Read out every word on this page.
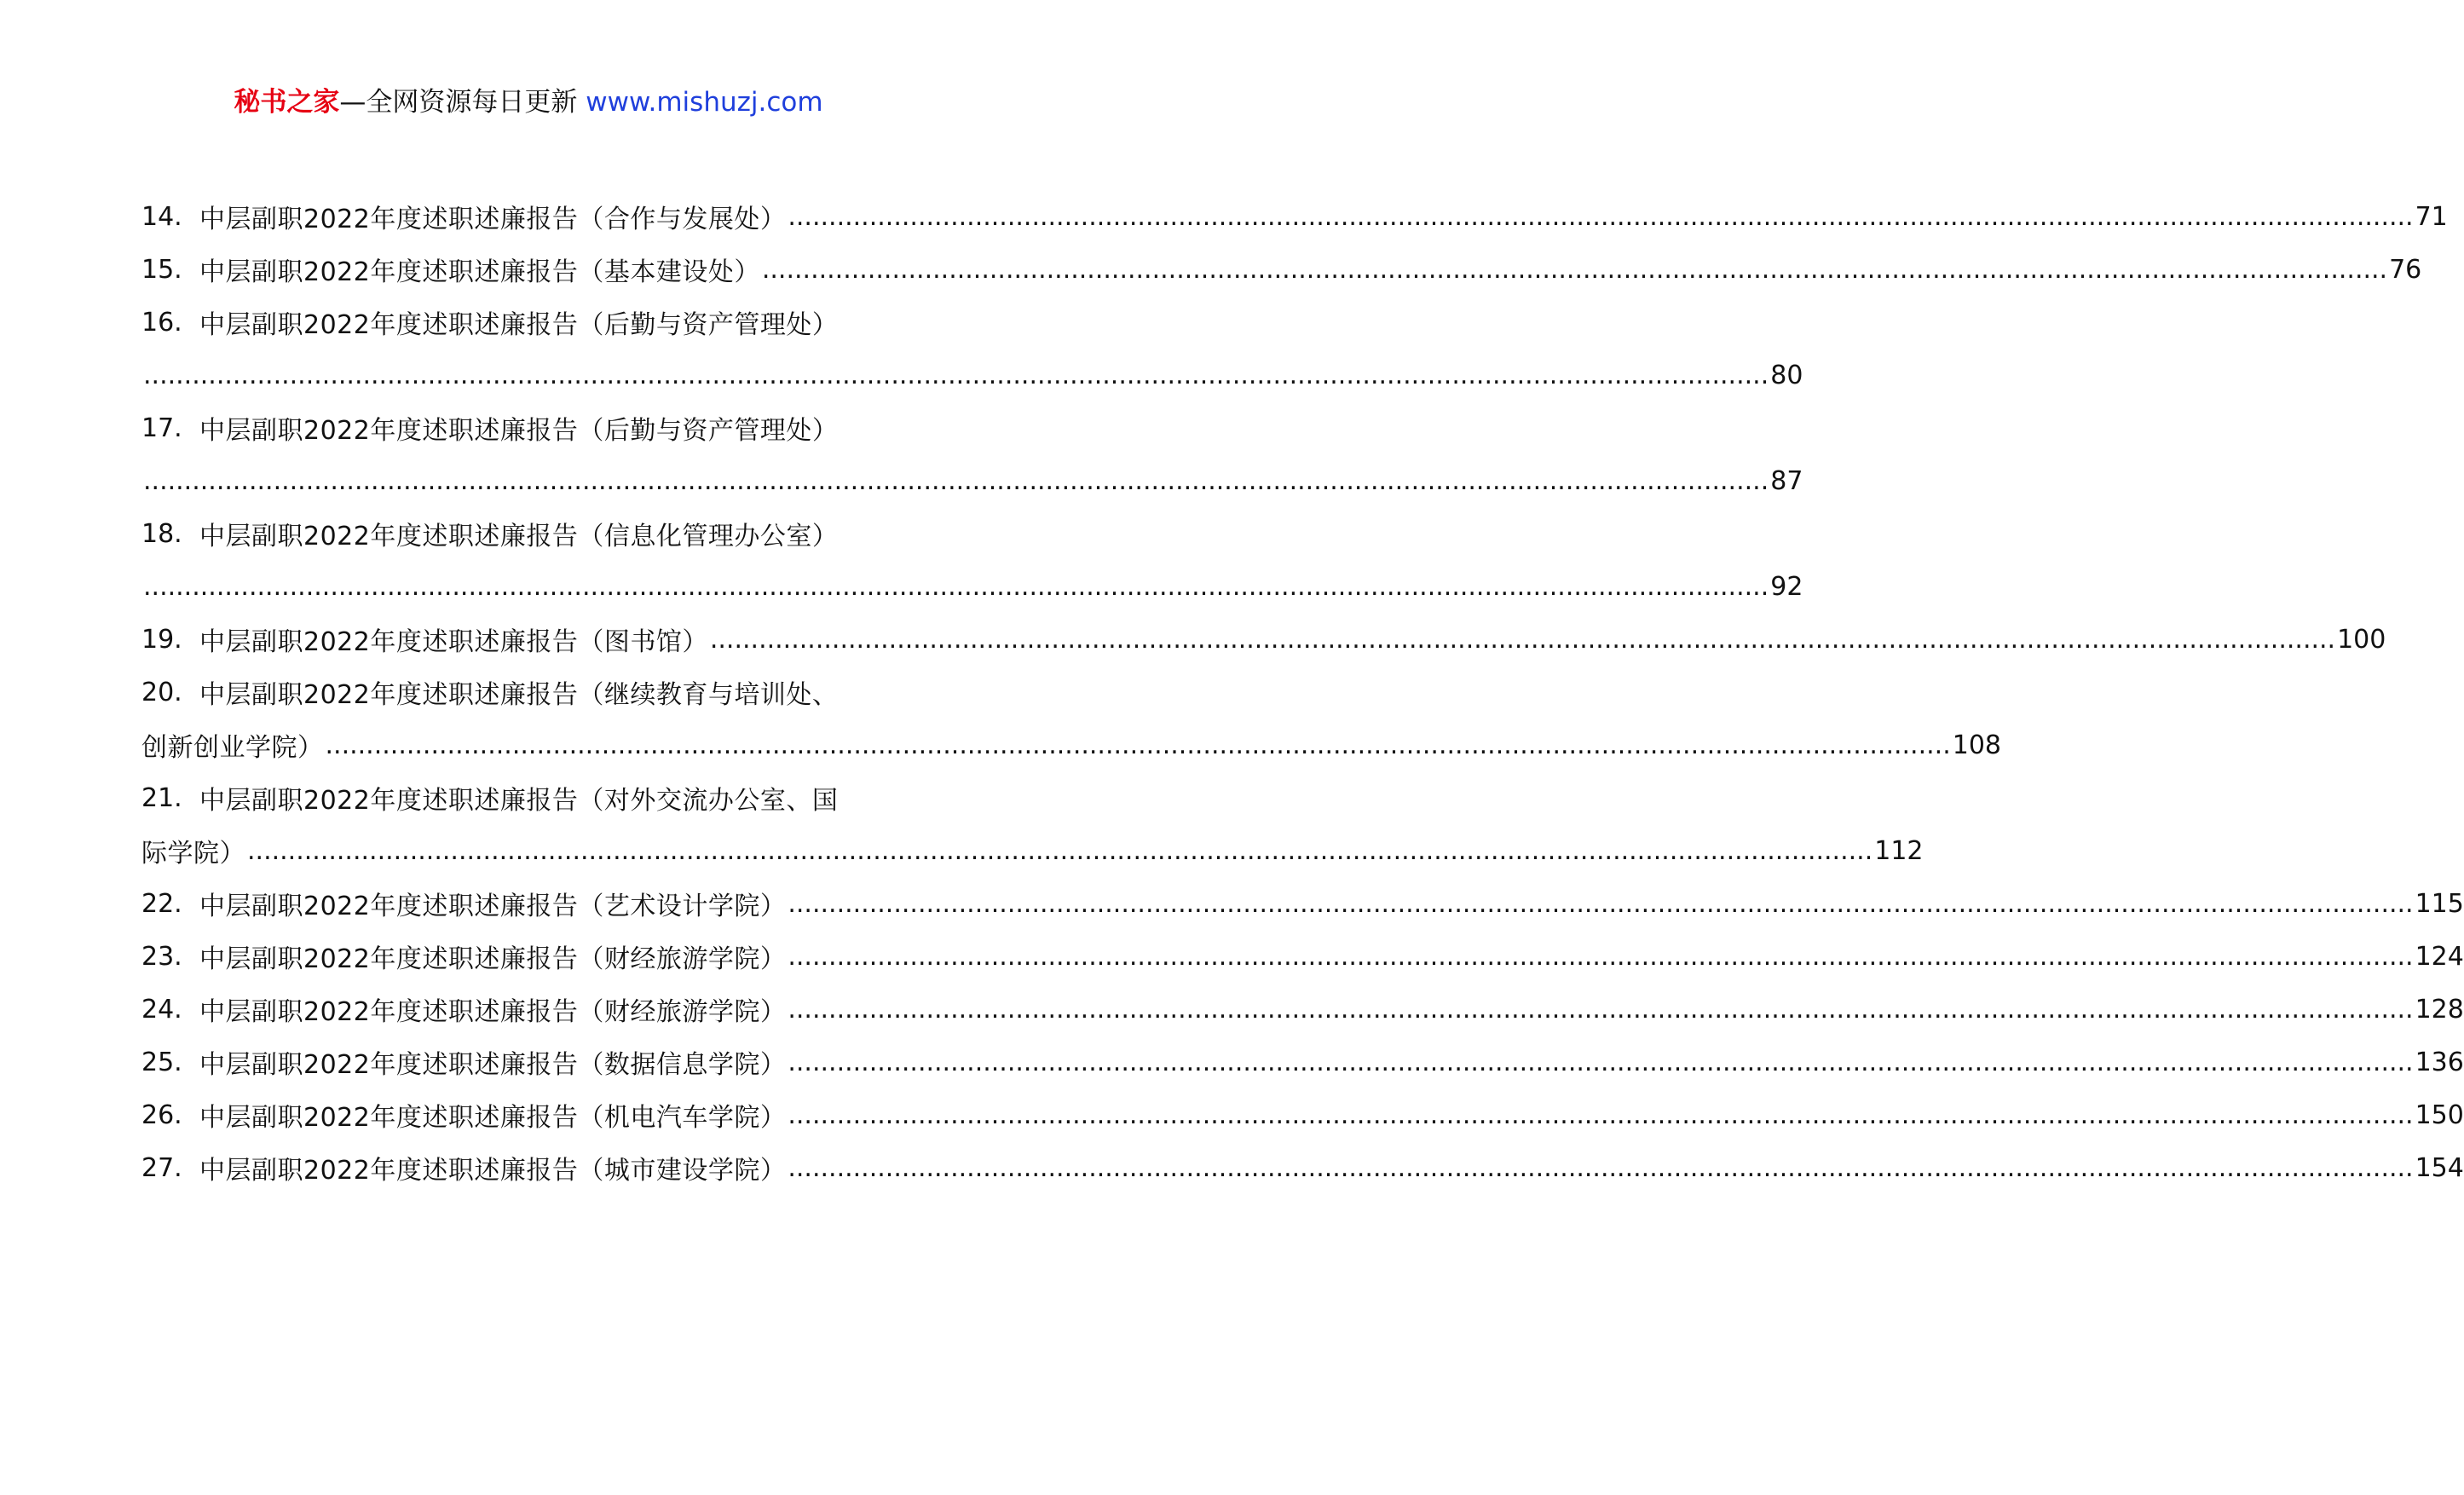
秘书之家—全网资源每日更新 www.mishuzj.com
14. 中层副职2022年度述职述廉报告（合作与发展处） ........................................................................................................................................................................................................ 71
15. 中层副职2022年度述职述廉报告（基本建设处） ........................................................................................................................................................................................................ 76
16. 中层副职2022年度述职述廉报告（后勤与资产管理处）
........................................................................................................................................................................................................ 80
17. 中层副职2022年度述职述廉报告（后勤与资产管理处）
........................................................................................................................................................................................................ 87
18. 中层副职2022年度述职述廉报告（信息化管理办公室）
........................................................................................................................................................................................................ 92
19. 中层副职2022年度述职述廉报告（图书馆） ........................................................................................................................................................................................................ 100
20. 中层副职2022年度述职述廉报告（继续教育与培训处、
创新创业学院） ........................................................................................................................................................................................................ 108
21. 中层副职2022年度述职述廉报告（对外交流办公室、国
际学院） ........................................................................................................................................................................................................ 112
22. 中层副职2022年度述职述廉报告（艺术设计学院） ........................................................................................................................................................................................................ 115
23. 中层副职2022年度述职述廉报告（财经旅游学院） ........................................................................................................................................................................................................ 124
24. 中层副职2022年度述职述廉报告（财经旅游学院） ........................................................................................................................................................................................................ 128
25. 中层副职2022年度述职述廉报告（数据信息学院） ........................................................................................................................................................................................................ 136
26. 中层副职2022年度述职述廉报告（机电汽车学院） ........................................................................................................................................................................................................ 150
27. 中层副职2022年度述职述廉报告（城市建设学院） ........................................................................................................................................................................................................ 154
